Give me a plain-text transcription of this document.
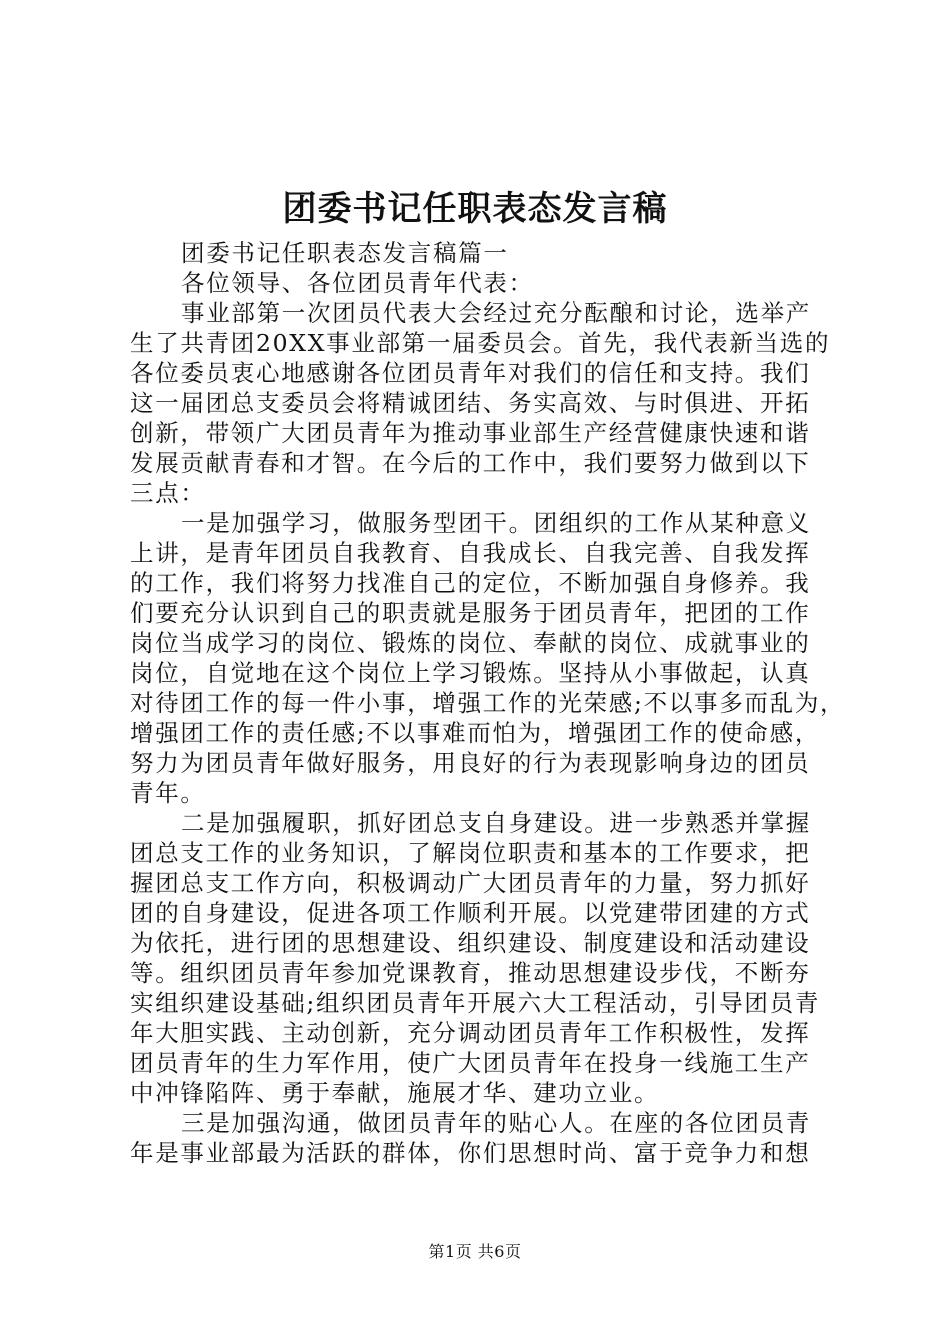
团委书记任职表态发言稿
团委书记任职表态发言稿篇一
各位领导、各位团员青年代表：
事业部第一次团员代表大会经过充分酝酿和讨论，选举产
生了共青团20XX事业部第一届委员会。首先，我代表新当选的
各位委员衷心地感谢各位团员青年对我们的信任和支持。我们
这一届团总支委员会将精诚团结、务实高效、与时俱进、开拓
创新，带领广大团员青年为推动事业部生产经营健康快速和谐
发展贡献青春和才智。在今后的工作中，我们要努力做到以下
三点：
一是加强学习，做服务型团干。团组织的工作从某种意义
上讲，是青年团员自我教育、自我成长、自我完善、自我发挥
的工作，我们将努力找准自己的定位，不断加强自身修养。我
们要充分认识到自己的职责就是服务于团员青年，把团的工作
岗位当成学习的岗位、锻炼的岗位、奉献的岗位、成就事业的
岗位，自觉地在这个岗位上学习锻炼。坚持从小事做起，认真
对待团工作的每一件小事，增强工作的光荣感;不以事多而乱为，
增强团工作的责任感;不以事难而怕为，增强团工作的使命感，
努力为团员青年做好服务，用良好的行为表现影响身边的团员
青年。
二是加强履职，抓好团总支自身建设。进一步熟悉并掌握
团总支工作的业务知识，了解岗位职责和基本的工作要求，把
握团总支工作方向，积极调动广大团员青年的力量，努力抓好
团的自身建设，促进各项工作顺利开展。以党建带团建的方式
为依托，进行团的思想建设、组织建设、制度建设和活动建设
等。组织团员青年参加党课教育，推动思想建设步伐，不断夯
实组织建设基础;组织团员青年开展六大工程活动，引导团员青
年大胆实践、主动创新，充分调动团员青年工作积极性，发挥
团员青年的生力军作用，使广大团员青年在投身一线施工生产
中冲锋陷阵、勇于奉献，施展才华、建功立业。
三是加强沟通，做团员青年的贴心人。在座的各位团员青
年是事业部最为活跃的群体，你们思想时尚、富于竞争力和想
第1页 共6页
